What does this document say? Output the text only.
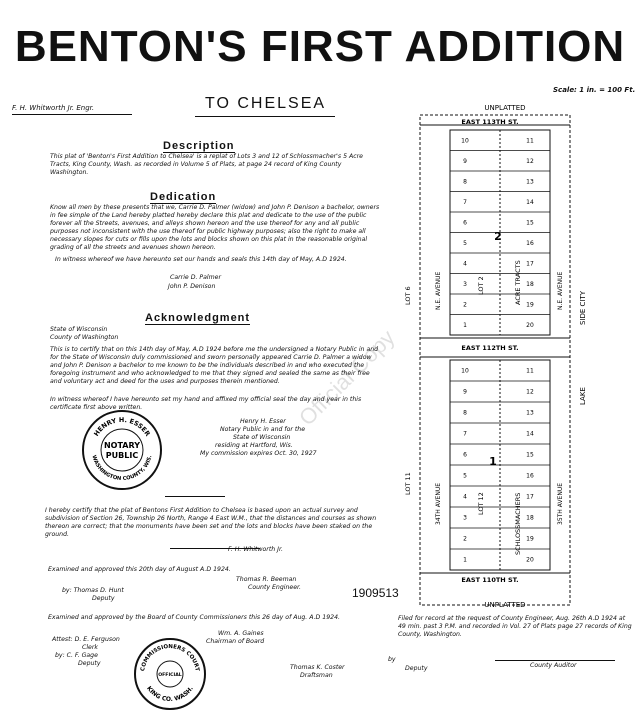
BENTON'S FIRST ADDITION
TO CHELSEA
F. H. Whitworth Jr. Engr.
Scale: 1 in. = 100 Ft.
Description
This plat of 'Benton's First Addition to Chelsea' is a replat of Lots 3 and 12 of Schlossmacher's 5 Acre Tracts, King County, Wash. as recorded in Volume 5 of Plats, at page 24 record of King County Washington.
Dedication
Know all men by these presents that we, Carrie D. Palmer (widow) and John P. Denison a bachelor, owners in fee simple of the Land hereby platted hereby declare this plat and dedicate to the use of the public forever all the Streets, avenues, and alleys shown hereon and the use thereof for any and all public purposes not inconsistent with the use thereof for public highway purposes; also the right to make all necessary slopes for cuts or fills upon the lots and blocks shown on this plat in the reasonable original grading of all the streets and avenues shown hereon.
In witness whereof we have hereunto set our hands and seals this 14th day of May, A.D 1924.
Carrie D. Palmer
John P. Denison
Acknowledgment
State of Wisconsin
County of Washington
This is to certify that on this 14th day of May, A.D 1924 before me the undersigned a Notary Public in and for the State of Wisconsin duly commissioned and sworn personally appeared Carrie D. Palmer a widow and John P. Denison a bachelor to me known to be the individuals described in and who executed the foregoing instrument and who acknowledged to me that they signed and sealed the same as their free and voluntary act and deed for the uses and purposes therein mentioned.
In witness whereof I have hereunto set my hand and affixed my official seal the day and year in this certificate first above written.
Henry H. Esser
Notary Public in and for the
State of Wisconsin
residing at Hartford, Wis.
My commission expires Oct. 30, 1927
HENRY H. ESSER
WASHINGTON COUNTY, WIS.
NOTARY
PUBLIC
I hereby certify that the plat of Bentons First Addition to Chelsea is based upon an actual survey and subdivision of Section 26, Township 26 North, Range 4 East W.M., that the distances and courses as shown thereon are correct; that the monuments have been set and the lots and blocks have been staked on the ground.
F. H. Whitworth Jr.
Examined and approved this 20th day of August A.D 1924.
Thomas R. Beeman
County Engineer.
by: Thomas D. Hunt
Deputy
Examined and approved by the Board of County Commissioners this 26 day of Aug. A.D 1924.
Wm. A. Gaines
Chairman of Board
Attest: D. E. Ferguson
Clerk
by: C. F. Gage
Deputy
COMMISSIONERS COURT
KING CO. WASH.
OFFICIAL
Thomas K. Coster
Draftsman
1909513
Filed for record at the request of County Engineer, Aug. 26th A.D 1924 at 49 min. past 3 P.M. and recorded in Vol. 27 of Plats page 27 records of King County, Washington.
by
Deputy	County Auditor
10	11
9	12
8	13
7	14
6	15
5	16
4	17
3	18
2	19
1	20
10	11
9	12
8	13
7	14
6	15
5	16
4	17
3	18
2	19
1	20
UNPLATTED
UNPLATTED
EAST 113TH ST.
EAST 112TH ST.
EAST 110TH ST.
N.E. AVENUE
34TH AVENUE
N.E. AVENUE
35TH AVENUE
LOT 6
LOT 11
LOT 2
LOT 12
ACRE TRACTS
SCHLOSSMACHERS
SIDE CITY
LAKE
2
1
Official Copy
